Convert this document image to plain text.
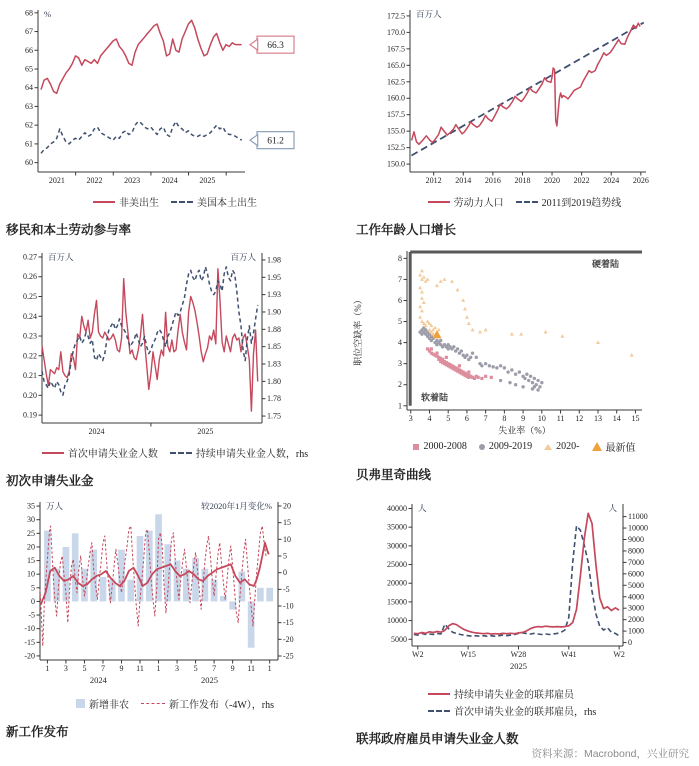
60
61
62
63
64
65
66
67
68
2021	2022	2023	2024	2025
%
66.3
61.2
非美出生	美国本土出生
移民和本土劳动参与率
150.0
152.5
155.0
157.5
160.0
162.5
165.0
167.5
170.0
172.5
2012 2014 2016 2018 2020 2022 2024 2026
百万人
劳动力人口	2011到2019趋势线
工作年龄人口增长
0.19
0.20
0.21
0.22
0.23
0.24
0.25
0.26
0.27
1.75
1.78
1.80
1.83
1.85
1.88
1.90
1.93
1.95
1.98
2024	2025
百万人	百万人
首次申请失业金人数	持续申请失业金人数，rhs
初次申请失业金
1
2
3
4
5
6
7
8
3 4 5 6 7 8 9 10 11 12 13 14 15
失业率（%）
职位空缺率（%）
硬着陆
软着陆
2000-2008 2009-2019 2020-	最新值
贝弗里奇曲线
-20
-15
-10
-5
0
5
10
15
20
25
30
35
-25
-20
-15
-10
-5
0
5
10
15
20
1 3 5 7 9 11 1 3 5 7 9 11 1
2024	2025
万人	较2020年1月变化%
新增非农	新工作发布（-4W），rhs
新工作发布
5000
10000
15000
20000
25000
30000
35000
40000
0
1000
2000
3000
4000
5000
6000
7000
8000
9000
10000
11000
W2	W15	W28	W41	W2
2025
人	人
持续申请失业金的联邦雇员
首次申请失业金的联邦雇员，rhs
联邦政府雇员申请失业金人数
资料来源：Macrobond，兴业研究
